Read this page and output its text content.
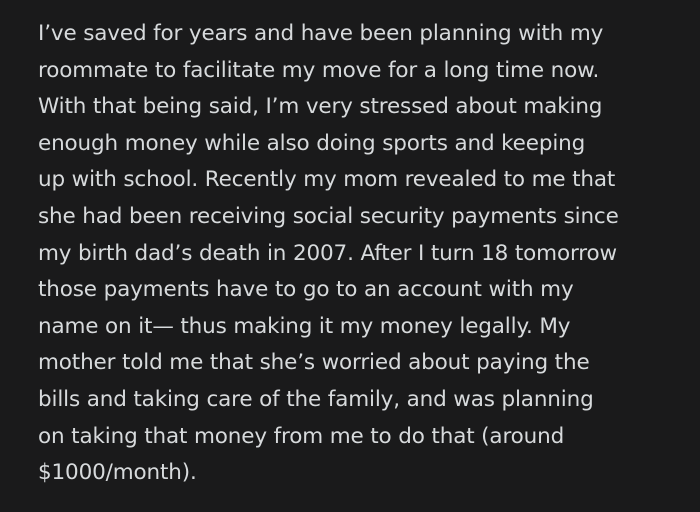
I’ve saved for years and have been planning with my
roommate to facilitate my move for a long time now.
With that being said, I’m very stressed about making
enough money while also doing sports and keeping
up with school. Recently my mom revealed to me that
she had been receiving social security payments since
my birth dad’s death in 2007. After I turn 18 tomorrow
those payments have to go to an account with my
name on it— thus making it my money legally. My
mother told me that she’s worried about paying the
bills and taking care of the family, and was planning
on taking that money from me to do that (around
$1000/month).
